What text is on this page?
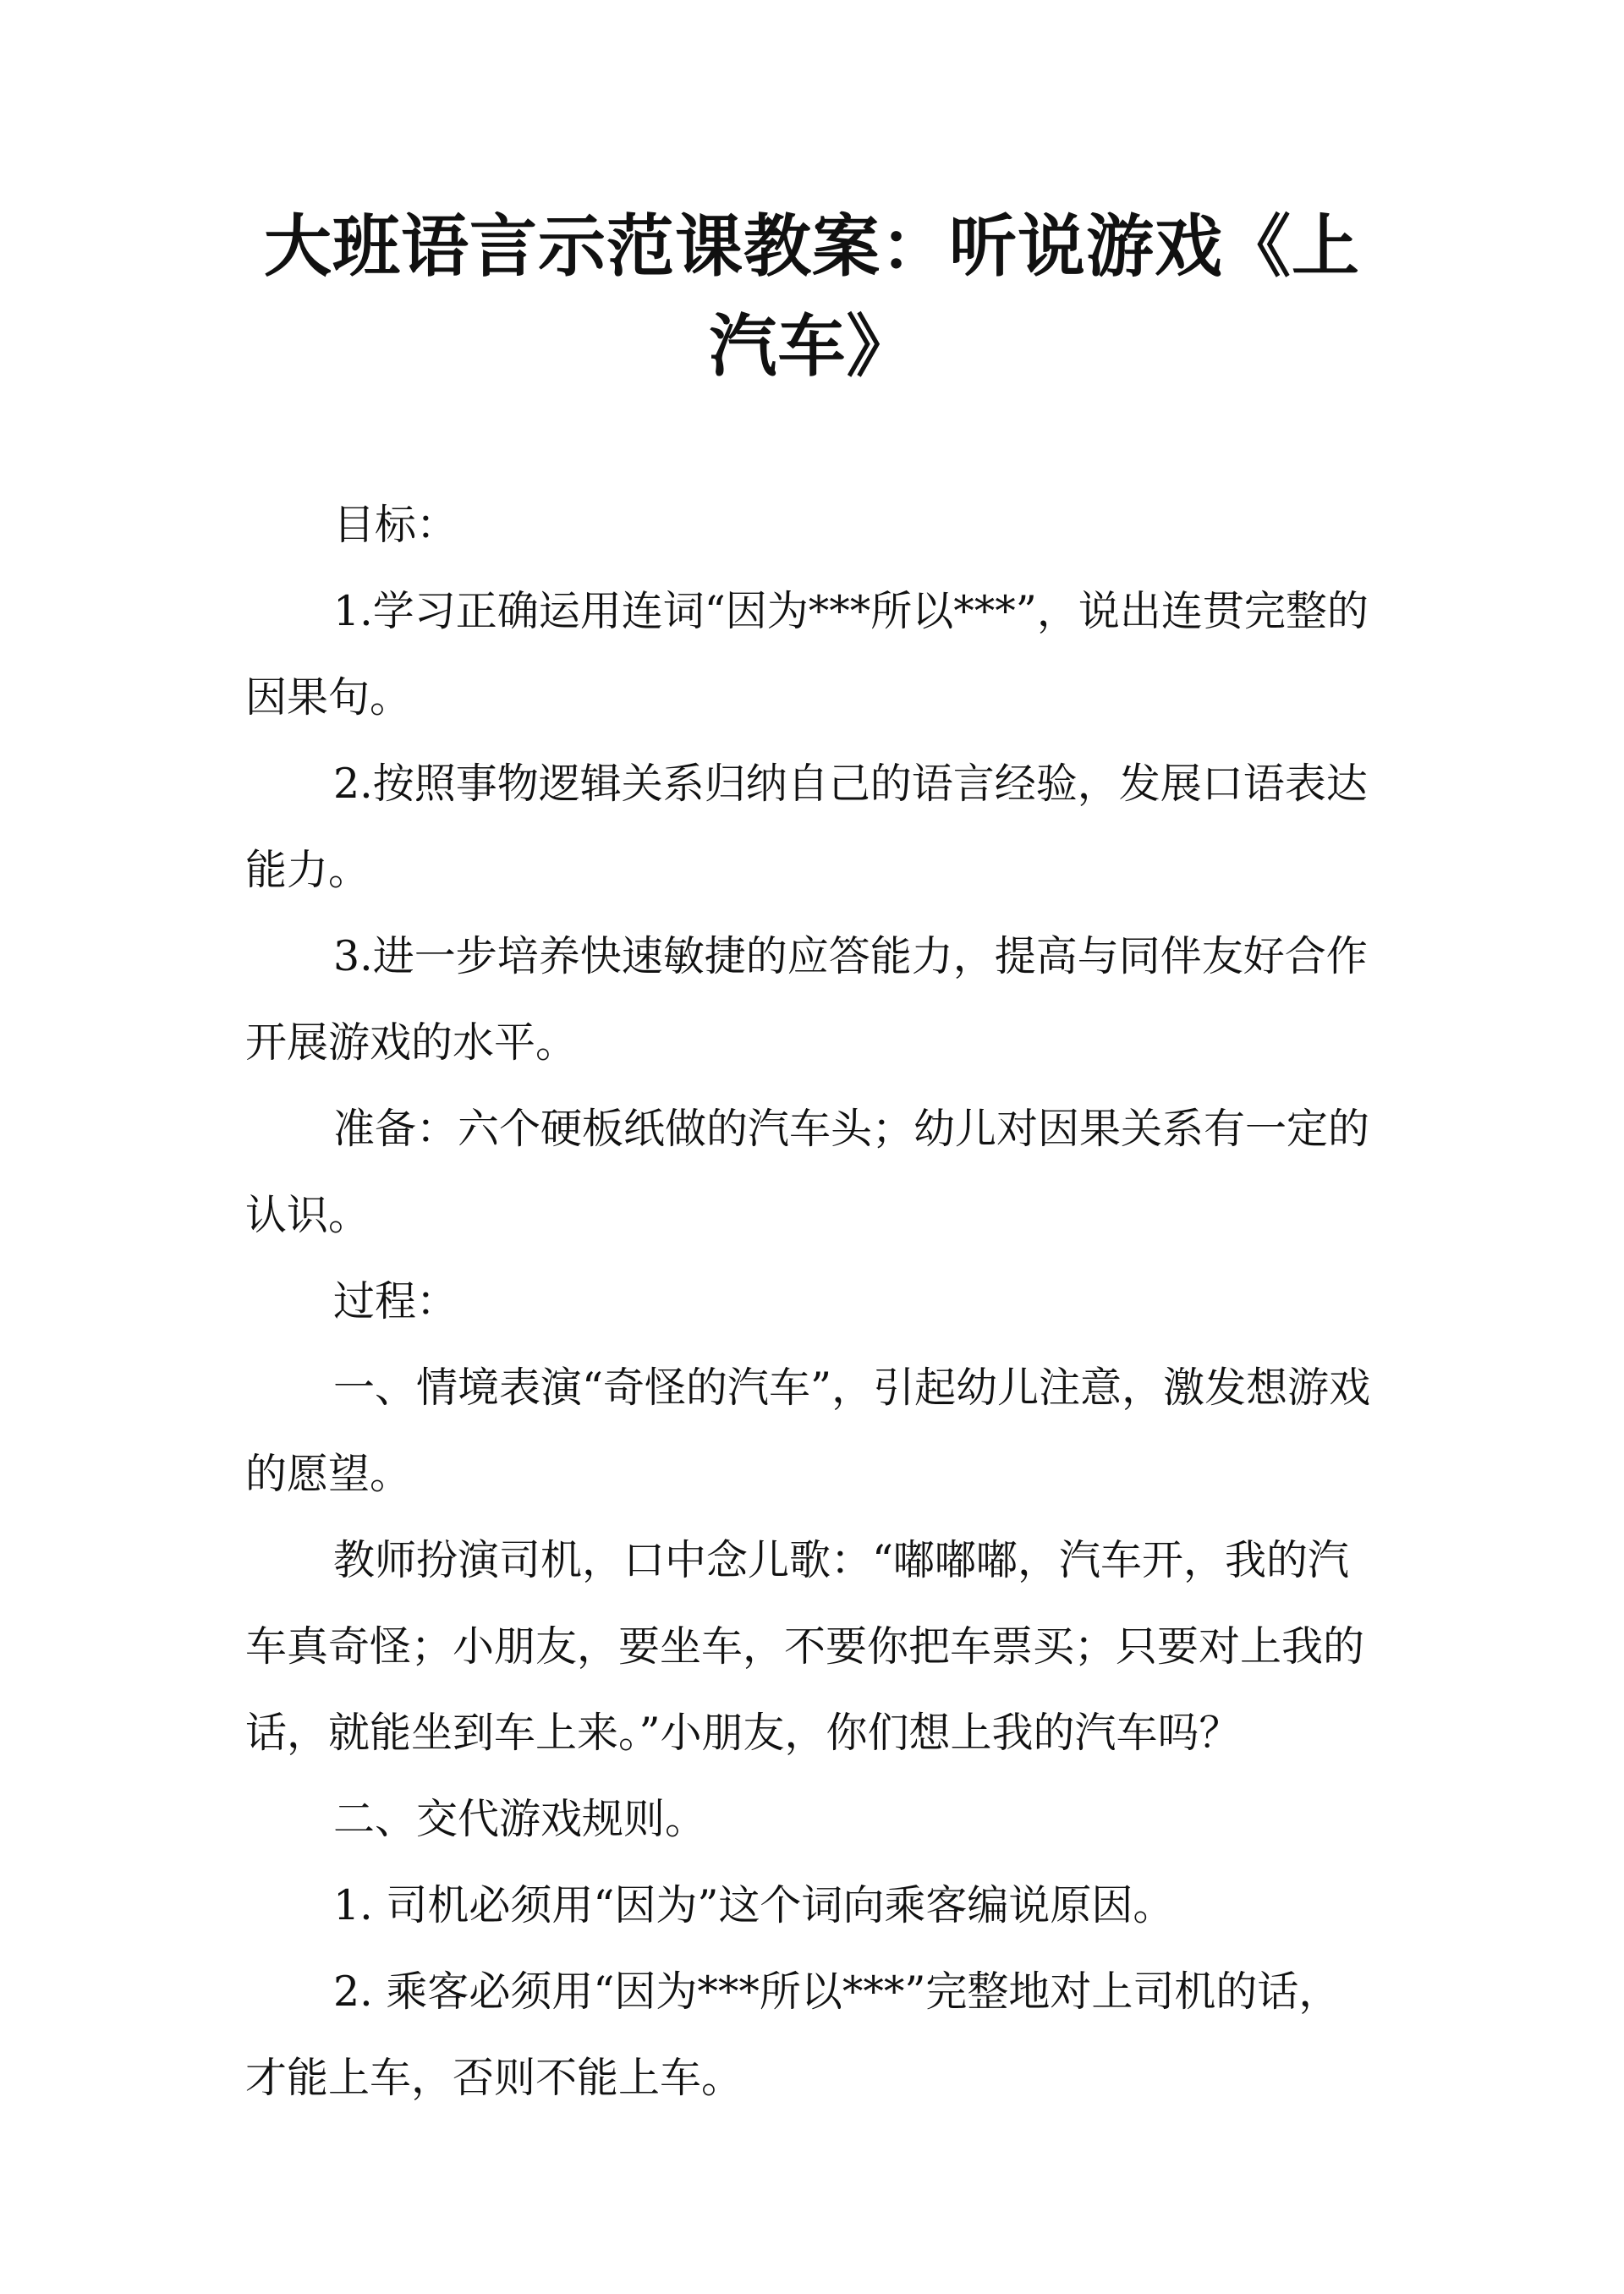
大班语言示范课教案：听说游戏《上汽车》

目标：

1.学习正确运用连词“因为***所以***”，说出连贯完整的因果句。

2.按照事物逻辑关系归纳自己的语言经验，发展口语表达能力。

3.进一步培养快速敏捷的应答能力，提高与同伴友好合作开展游戏的水平。

准备：六个硬板纸做的汽车头；幼儿对因果关系有一定的认识。

过程：

一、情境表演“奇怪的汽车”，引起幼儿注意，激发想游戏的愿望。

教师扮演司机，口中念儿歌：“嘟嘟嘟，汽车开，我的汽车真奇怪；小朋友，要坐车，不要你把车票买；只要对上我的话，就能坐到车上来。”小朋友，你们想上我的汽车吗？

二、交代游戏规则。

1. 司机必须用“因为”这个词向乘客编说原因。

2. 乘客必须用“因为***所以***”完整地对上司机的话，才能上车，否则不能上车。
